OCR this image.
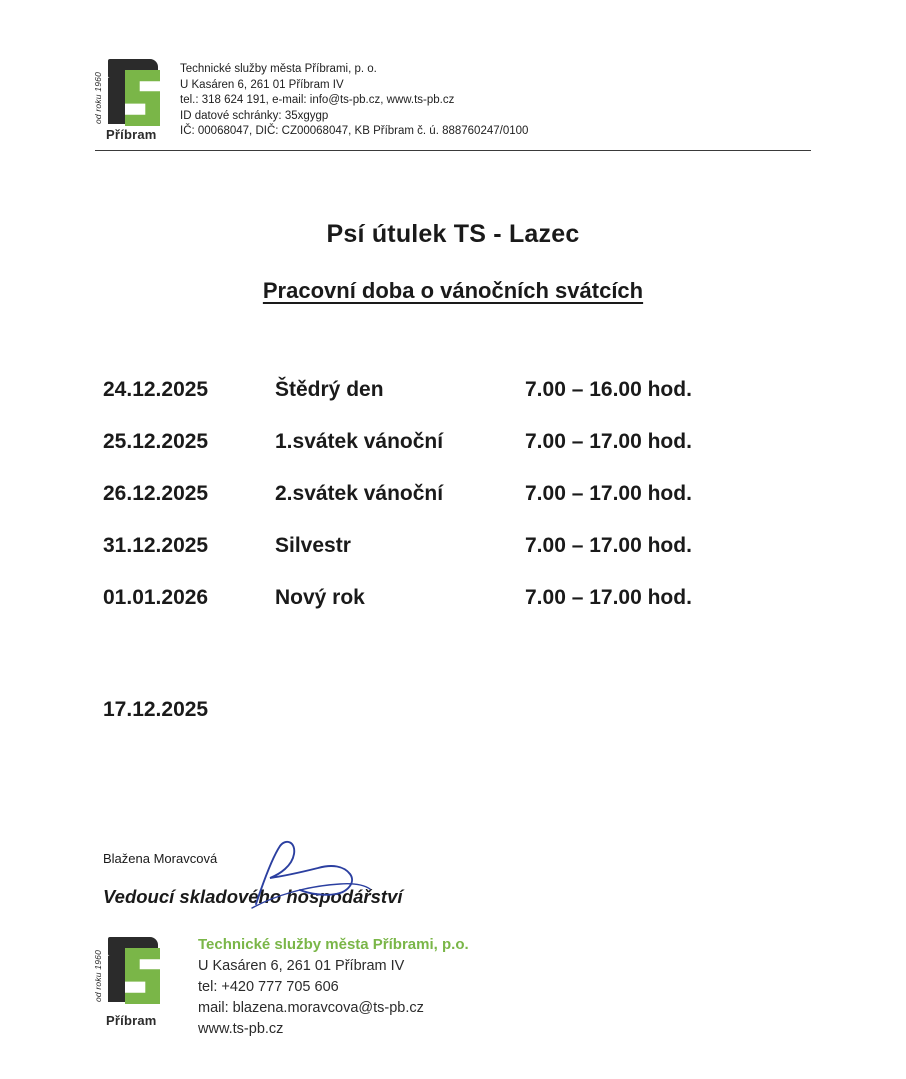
od roku 1960
Příbram
Technické služby města Příbrami, p. o.
U Kasáren 6, 261 01 Příbram IV
tel.: 318 624 191, e-mail: info@ts-pb.cz, www.ts-pb.cz
ID datové schránky: 35xgygp
IČ: 00068047, DIČ: CZ00068047, KB Příbram č. ú. 888760247/0100
Psí útulek TS - Lazec
Pracovní doba o vánočních svátcích
24.12.2025	Štědrý den	7.00 – 16.00 hod.
25.12.2025	1.svátek vánoční	7.00 – 17.00 hod.
26.12.2025	2.svátek vánoční	7.00 – 17.00 hod.
31.12.2025	Silvestr	7.00 – 17.00 hod.
01.01.2026	Nový rok	7.00 – 17.00 hod.
17.12.2025
Blažena Moravcová
Vedoucí skladového hospodářství
od roku 1960
Příbram
Technické služby města Příbrami, p.o.
U Kasáren 6, 261 01 Příbram IV
tel: +420 777 705 606
mail: blazena.moravcova@ts-pb.cz
www.ts-pb.cz
